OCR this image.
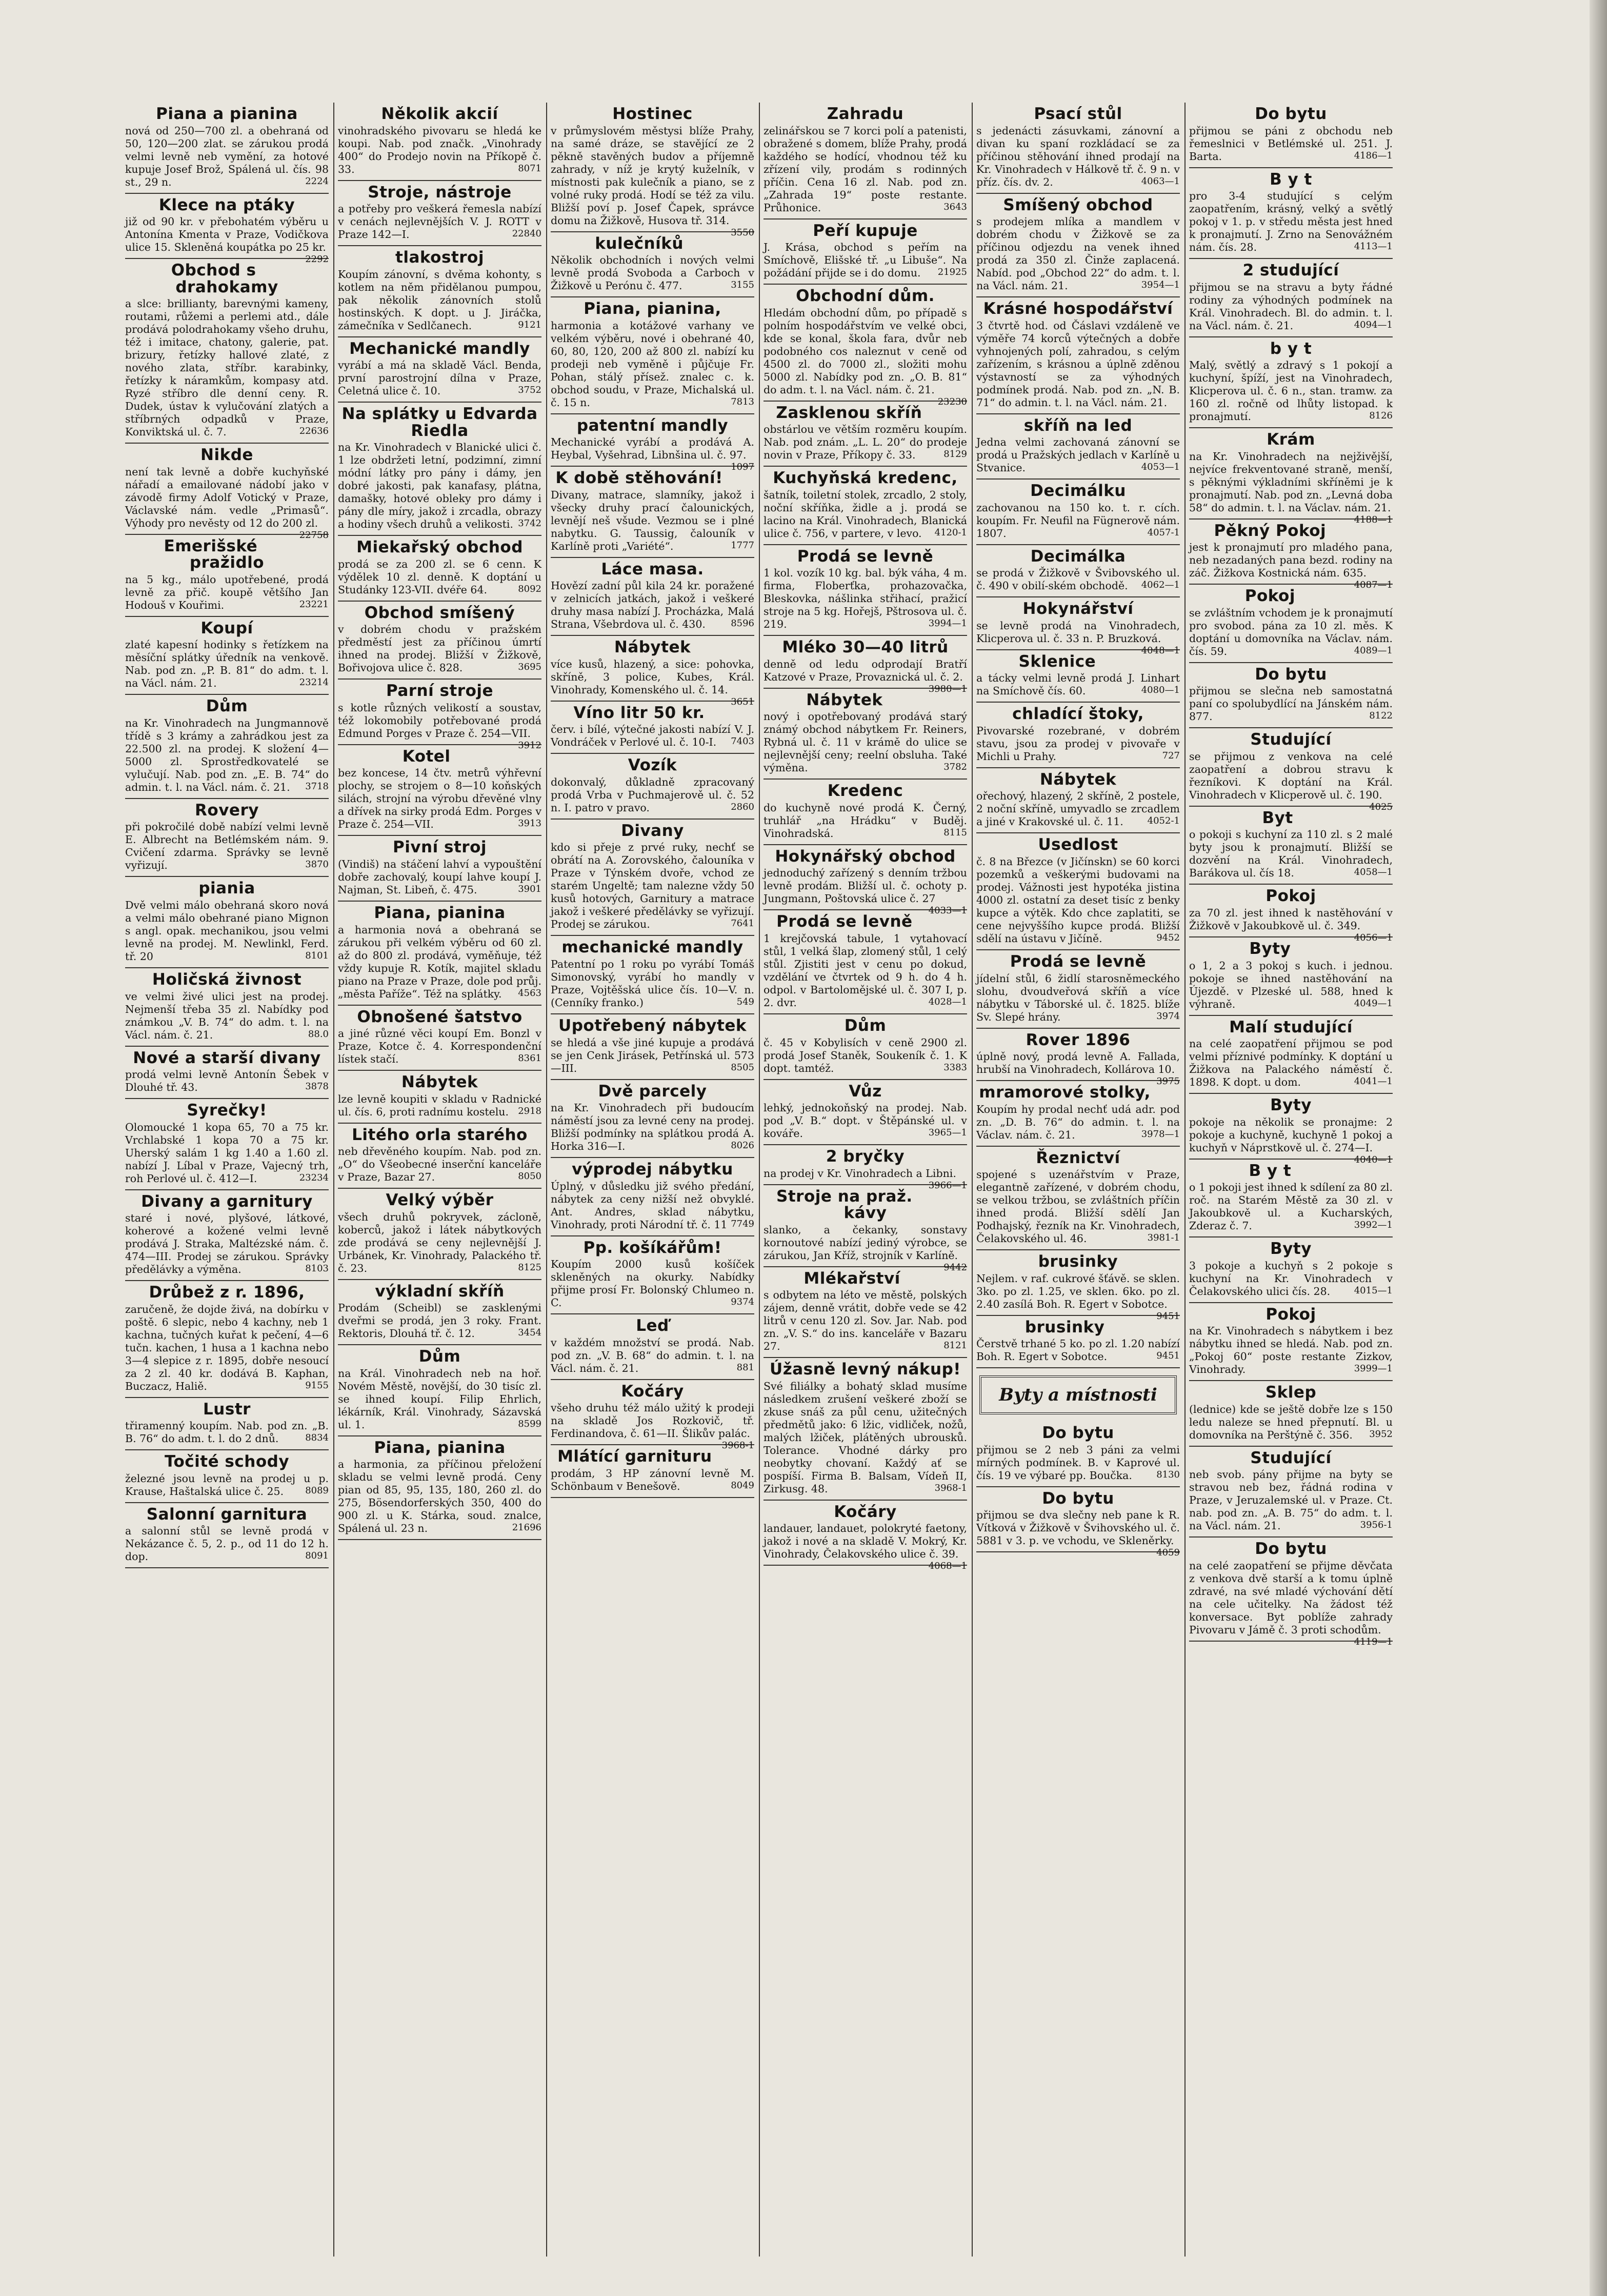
Piana a pianina

nová od 250—700 zl. a obehraná od 50, 120—200 zlat. se zárukou prodá velmi levně neb vymění, za hotové kupuje Josef Brož, Spálená ul. čís. 98 st., 29 n.	2224

Klece na ptáky

již od 90 kr. v přebohatém výběru u Antonína Kmenta v Praze, Vodičkova ulice 15. Skleněná koupátka po 25 kr.
2292

Obchod s drahokamy

a slce: brillianty, barevnými kameny, routami, růžemi a perlemi atd., dále prodává polodrahokamy všeho druhu, též i imitace, chatony, galerie, pat. brizury, řetízky hallové zlaté, z nového zlata, stříbr. karabinky, řetízky k náramkům, kompasy atd. Ryzé stříbro dle denní ceny. R. Dudek, ústav k vylučování zlatých a stříbrných odpadků v Praze, Konviktská ul. č. 7.	22636

Nikde

není tak levně a dobře kuchyňské nářadí a emailované nádobí jako v závodě firmy Adolf Votický v Praze, Václavské nám. vedle „Primasů“. Výhody pro nevěsty od 12 do 200 zl.
22758

Emerišské pražidlo

na 5 kg., málo upotřebené, prodá levně za přič. koupě většího Jan Hodouš v Kouřimi.	23221

Koupí

zlaté kapesní hodinky s řetízkem na měsíční splátky úředník na venkově. Nab. pod zn. „P. B. 81“ do adm. t. l. na Václ. nám. 21.	23214

Dům

na Kr. Vinohradech na Jungmannově třídě s 3 krámy a zahrádkou jest za 22.500 zl. na prodej. K složení 4—5000 zl. Sprostředkovatelé se vylučují. Nab. pod zn. „E. B. 74“ do admin. t. l. na Václ. nám. č. 21. 3718

Rovery

při pokročilé době nabízí velmi levně E. Albrecht na Betlémském nám. 9. Cvičení zdarma. Správky se levně vyřizují.	3870

piania

Dvě velmi málo obehraná skoro nová a velmi málo obehrané piano Mignon s angl. opak. mechanikou, jsou velmi levně na prodej. M. Newlinkl, Ferd. tř. 20	8101

Holičská živnost

ve velmi živé ulici jest na prodej. Nejmenší třeba 35 zl. Nabídky pod známkou „V. B. 74“ do adm. t. l. na Václ. nám. č. 21.	88.0

Nové a starší divany

prodá velmi levně Antonín Šebek v Dlouhé tř. 43.	3878

Syrečky!

Olomoucké 1 kopa 65, 70 a 75 kr. Vrchlabské 1 kopa 70 a 75 kr. Uherský salám 1 kg 1.40 a 1.60 zl. nabízí J. Líbal v Praze, Vajecný trh, roh Perlové ul. č. 412—I.	23234

Divany a garnitury

staré i nové, plyšové, látkové, koherové a kožené velmi levně prodává J. Straka, Maltézské nám. č. 474—III. Prodej se zárukou. Správky předělávky a výměna.	8103

Drůbež z r. 1896,

zaručeně, že dojde živá, na dobírku v poště. 6 slepic, nebo 4 kachny, neb 1 kachna, tučných kuřat k pečení, 4—6 tučn. kachen, 1 husa a 1 kachna nebo 3—4 slepice z r. 1895, dobře nesoucí za 2 zl. 40 kr. dodává B. Kaphan, Buczacz, Haliě.	9155

Lustr

třiramenný koupím. Nab. pod zn. „B. B. 76“ do adm. t. l. do 2 dnů.	8834

Točité schody

železné jsou levně na prodej u p. Krause, Haštalská ulice č. 25. 8089

Salonní garnitura

a salonní stůl se levně prodá v Nekázance č. 5, 2. p., od 11 do 12 h. dop.	8091

Několik akcií

vinohradského pivovaru se hledá ke koupi. Nab. pod značk. „Vinohrady 400“ do Prodejo novin na Příkopě č. 33.	8071

Stroje, nástroje

a potřeby pro veškerá řemesla nabízí v cenách nejlevnějších V. J. ROTT v Praze 142—I.	22840

tlakostroj

Koupím zánovní, s dvěma kohonty, s kotlem na něm přidělanou pumpou, pak několik zánovních stolů hostinských. K dopt. u J. Jiráčka, zámečníka v Sedlčanech.	9121

Mechanické mandly

vyrábí a má na skladě Václ. Benda, první parostrojní dílna v Praze, Celetná ulice č. 10.	3752

Na splátky u Edvarda Riedla

na Kr. Vinohradech v Blanické ulici č. 1 lze obdržeti letní, podzimní, zimní módní látky pro pány i dámy, jen dobré jakosti, pak kanafasy, plátna, damašky, hotové obleky pro dámy i pány dle míry, jakož i zrcadla, obrazy a hodiny všech druhů a velikosti. 3742

Miekařský obchod

prodá se za 200 zl. se 6 cenn. K výdělek 10 zl. denně. K doptání u Studánky 123-VII. dvéře 64.	8092

Obchod smíšený

v dobrém chodu v pražském předměstí jest za příčinou úmrtí ihned na prodej. Bližší v Žižkově, Bořivojova ulice č. 828.	3695

Parní stroje

s kotle různých velikostí a soustav, též lokomobily potřebované prodá Edmund Porges v Praze č. 254—VII.
3912

Kotel

bez koncese, 14 čtv. metrů výhřevní plochy, se strojem o 8—10 koňských silách, strojní na výrobu dřevěné vlny a dřívek na sirky prodá Edm. Porges v Praze č. 254—VII.	3913

Pivní stroj

(Vindiš) na stáčení lahví a vypouštění dobře zachovalý, koupí lahve koupí J. Najman, St. Libeň, č. 475.	3901

Piana, pianina

a harmonia nová a obehraná se zárukou při velkém výběru od 60 zl. až do 800 zl. prodává, vyměňuje, též vždy kupuje R. Kotík, majitel skladu piano na Praze v Praze, dole pod průj. „města Paříže“. Též na splátky. 4563

Obnošené šatstvo

a jiné různé věci koupí Em. Bonzl v Praze, Kotce č. 4. Korrespondenční lístek stačí.	8361

Nábytek

lze levně koupiti v skladu v Radnické ul. čís. 6, proti radnímu kostelu. 2918

Litého orla starého

neb dřevěného koupím. Nab. pod zn. „O“ do Všeobecné inserční kanceláře v Praze, Bazar 27.	8050

Velký výběr

všech druhů pokryvek, zácloně, koberců, jakož i látek nábytkových zde prodává se ceny nejlevnější J. Urbánek, Kr. Vinohrady, Palackého tř. č. 23.	8125

výkladní skříň

Prodám (Scheibl) se zasklenými dveřmi se prodá, jen 3 roky. Frant. Rektoris, Dlouhá tř. č. 12.	3454

Dům

na Král. Vinohradech neb na hoř. Novém Městě, novější, do 30 tisíc zl. se ihned koupí. Filip Ehrlich, lékárník, Král. Vinohrady, Sázavská ul. 1.	8599

Piana, pianina

a harmonia, za příčinou přeložení skladu se velmi levně prodá. Ceny pian od 85, 95, 135, 180, 260 zl. do 275, Bösendorferských 350, 400 do 900 zl. u K. Stárka, soud. znalce, Spálená ul. 23 n.	21696

Hostinec

v průmyslovém městysi blíže Prahy, na samé dráze, se stavějící ze 2 pěkně stavěných budov a příjemně zahrady, v níž je krytý kuželník, v místnosti pak kulečník a piano, se z volné ruky prodá. Hodí se též za vilu. Bližší poví p. Josef Čapek, správce domu na Žižkově, Husova tř. 314.
3550

kulečníků

Několik obchodních i nových velmi levně prodá Svoboda a Carboch v Žižkově u Perónu č. 477.	3155

Piana, pianina,

harmonia a kotážové varhany ve velkém výběru, nové i obehrané 40, 60, 80, 120, 200 až 800 zl. nabízí ku prodeji neb vyměně i půjčuje Fr. Pohan, stálý přísež. znalec c. k. obchod soudu, v Praze, Michalská ul. č. 15 n.	7813

patentní mandly

Mechanické vyrábí a prodává A. Heybal, Vyšehrad, Libnšina ul. č. 97.
1097

K době stěhování!

Divany, matrace, slamníky, jakož i všecky druhy prací čalounických, levnějí neš všude. Vezmou se i plné nabytku. G. Taussig, čalouník v Karlíně proti „Variété“.	1777

Láce masa.

Hovězí zadní půl kila 24 kr. poražené v zelnicích jatkách, jakož i veškeré druhy masa nabízí J. Procházka, Malá Strana, Všebrdova ul. č. 430.	8596

Nábytek

více kusů, hlazený, a sice: pohovka, skříně, 3 police, Kubes, Král. Vinohrady, Komenského ul. č. 14.
3651

Víno litr 50 kr.

červ. i bílé, výtečné jakosti nabízí V. J. Vondráček v Perlové ul. č. 10-I. 7403

Vozík

dokonvalý, důkladně zpracovaný prodá Vrba v Puchmajerově ul. č. 52 n. I. patro v pravo.	2860

Divany

kdo si přeje z prvé ruky, nechť se obrátí na A. Zorovského, čalouníka v Praze v Týnském dvoře, vchod ze starém Ungeltě; tam nalezne vždy 50 kusů hotových, Garnitury a matrace jakož i veškeré předělávky se vyřizují. Prodej se zárukou.	7641

mechanické mandly

Patentní po 1 roku po vyrábí Tomáš Simonovský, vyrábí ho mandly v Praze, Vojtěšská ulice čís. 10—V. n. (Cenníky franko.)	549

Upotřebený nábytek

se hledá a vše jiné kupuje a prodává se jen Cenk Jirásek, Petřínská ul. 573—III.	8505

Dvě parcely

na Kr. Vinohradech při budoucím náměstí jsou za levné ceny na prodej. Bližší podmínky na splátkou prodá A. Horka 316—I.	8026

výprodej nábytku

Úplný, v důsledku již svého předání, nábytek za ceny nižší než obvyklé. Ant. Andres, sklad nábytku, Vinohrady, proti Národní tř. č. 11 7749

Pp. košíkářům!

Koupím 2000 kusů košíček skleněných na okurky. Nabídky přijme prosí Fr. Bolonský Chlumeo n. C.	9374

Leď

v každém množství se prodá. Nab. pod zn. „V. B. 68“ do admin. t. l. na Václ. nám. č. 21.	881

Kočáry

všeho druhu též málo užitý k prodeji na skladě Jos Rozkovič, tř. Ferdinandova, č. 61—II. Šlikův palác.
3968-1

Mlátící garnituru

prodám, 3 HP zánovní levně M. Schönbaum v Benešově.	8049

Zahradu

zelinářskou se 7 korci polí a patenisti, obražené s domem, blíže Prahy, prodá každého se hodící, vhodnou též ku zřízení vily, prodám s rodinných příčin. Cena 16 zl. Nab. pod zn. „Zahrada 19“ poste restante. Průhonice.	3643

Peří kupuje

J. Krása, obchod s peřím na Smíchově, Elišské tř. „u Libuše“. Na požádání přijde se i do domu. 21925

Obchodní dům.

Hledám obchodní dům, po případě s polním hospodářstvím ve velké obci, kde se konal, škola fara, dvůr neb podobného cos naleznut v ceně od 4500 zl. do 7000 zl., složiti mohu 5000 zl. Nabídky pod zn. „O. B. 81“ do adm. t. l. na Václ. nám. č. 21.
23230

Zasklenou skříň

obstárlou ve větším rozměru koupím. Nab. pod znám. „L. L. 20“ do prodeje novin v Praze, Příkopy č. 33.	8129

Kuchyňská kredenc,

šatník, toiletní stolek, zrcadlo, 2 stoly, noční skříňka, židle a j. prodá se lacino na Král. Vinohradech, Blanická ulice č. 756, v partere, v levo. 4120-1

Prodá se levně

1 kol. vozík 10 kg. bal. býk váha, 4 m. firma, Floberťka, prohazovačka, Bleskovka, nášlinka střihací, pražicí stroje na 5 kg. Hořejš, Pštrosova ul. č. 219.	3994—1

Mléko 30—40 litrů

denně od ledu odprodají Bratří Katzové v Praze, Provaznická ul. č. 2.
3980—1

Nábytek

nový i opotřebovaný prodává starý známý obchod nábytkem Fr. Reiners, Rybná ul. č. 11 v krámě do ulice se nejlevnější ceny; reelní obsluha. Také výměna.	3782

Kredenc

do kuchyně nové prodá K. Černý, truhlář „na Hrádku“ v Buděj. Vinohradská.	8115

Hokynářský obchod

jednoduchý zařízený s denním tržbou levně prodám. Bližší ul. č. ochoty p. Jungmann, Poštovská ulice č. 27
4033—1

Prodá se levně

1 krejčovská tabule, 1 vytahovací stůl, 1 velká šlap, zlomený stůl, 1 celý stůl. Zjistiti jest v cenu po dokud, vzdělání ve čtvrtek od 9 h. do 4 h. odpol. v Bartolomějské ul. č. 307 I, p. 2. dvr.	4028—1

Dům

č. 45 v Kobylisích v ceně 2900 zl. prodá Josef Staněk, Soukeník č. 1. K dopt. tamtéž.	3383

Vůz

lehký, jednokoňský na prodej. Nab. pod „V. B.“ dopt. v Štěpánské ul. v kováře.	3965—1

2 bryčky

na prodej v Kr. Vinohradech a Libni.
3966—1

Stroje na praž. kávy

slanko, a čekanky, sonstavy kornoutové nabízí jediný výrobce, se zárukou, Jan Kříž, strojník v Karlíně.
9442

Mlékařství

s odbytem na léto ve městě, polských zájem, denně vrátit, dobře vede se 42 litrů v cenu 120 zl. Sov. Jar. Nab. pod zn. „V. S.“ do ins. kanceláře v Bazaru 27.	8121

Úžasně levný nákup!

Své filiálky a bohatý sklad musíme následkem zrušení veškeré zboží se zkuse snáš za půl cenu, užitečných předmětů jako: 6 lžic, vidliček, nožů, malých lžiček, plátěných ubrousků. Tolerance. Vhodné dárky pro neobytky chovaní. Každý ať se pospíší. Firma B. Balsam, Vídeň II, Zirkusg. 48.	3968-1

Kočáry

landauer, landauet, polokryté faetony, jakož i nové a na skladě V. Mokrý, Kr. Vinohrady, Čelakovského ulice č. 39.
4068—1

Psací stůl

s jedenácti zásuvkami, zánovní a divan ku spaní rozkládací se za příčinou stěhování ihned prodají na Kr. Vinohradech v Hálkově tř. č. 9 n. v příz. čís. dv. 2.	4063—1

Smíšený obchod

s prodejem mlíka a mandlem v dobrém chodu v Žižkově se za příčinou odjezdu na venek ihned prodá za 350 zl. Činže zaplacená. Nabíd. pod „Obchod 22“ do adm. t. l. na Václ. nám. 21.	3954—1

Krásné hospodářství

3 čtvrtě hod. od Čáslavi vzdáleně ve výměře 74 korců výtečných a dobře vyhnojených polí, zahradou, s celým zařízením, s krásnou a úplně zděnou výstavností se za výhodných podmínek prodá. Nab. pod zn. „N. B. 71“ do admin. t. l. na Václ. nám. 21.

skříň na led

Jedna velmi zachovaná zánovní se prodá u Pražských jedlach v Karlíně u Stvanice.	4053—1

Decimálku

zachovanou na 150 ko. t. r. cích. koupím. Fr. Neufil na Fügnerově nám. 1807.	4057-1

Decimálka

se prodá v Žižkově v Švibovského ul. č. 490 v obilí-ském obchodě. 4062—1

Hokynářství

se levně prodá na Vinohradech, Klicperova ul. č. 33 n. P. Bruzková.
4048—1

Sklenice

a tácky velmi levně prodá J. Linhart na Smíchově čís. 60.	4080—1

chladící štoky,

Pivovarské rozebrané, v dobrém stavu, jsou za prodej v pivovaře v Michli u Prahy.	727

Nábytek

ořechový, hlazený, 2 skříně, 2 postele, 2 noční skříně, umyvadlo se zrcadlem a jiné v Krakovské ul. č. 11.	4052-1

Usedlost

č. 8 na Březce (v Jičínskn) se 60 korci pozemků a veškerými budovami na prodej. Vážnosti jest hypotéka jistina 4000 zl. ostatní za deset tisíc z benky kupce a výtěk. Kdo chce zaplatiti, se cene nejvyššího kupce prodá. Bližší sdělí na ústavu v Jičíně.	9452

Prodá se levně

jídelní stůl, 6 židlí starosněmeckého slohu, dvoudveřová skříň a více nábytku v Táborské ul. č. 1825. blíže Sv. Slepé hrány.	3974

Rover 1896

úplně nový, prodá levně A. Fallada, hrubší na Vinohradech, Kollárova 10.
3975

mramorové stolky,

Koupím hy prodal nechť udá adr. pod zn. „D. B. 76“ do admin. t. l. na Václav. nám. č. 21.	3978—1

Řeznictví

spojené s uzenářstvím v Praze, elegantně zařízené, v dobrém chodu, se velkou tržbou, se zvláštních příčin ihned prodá. Bližší sdělí Jan Podhajský, řezník na Kr. Vinohradech, Čelakovského ul. 46.	3981-1

brusinky

Nejlem. v raf. cukrové šťávě. se sklen. 3ko. po zl. 1.25, ve sklen. 6ko. po zl. 2.40 zasílá Boh. R. Egert v Sobotce.
9451

brusinky

Čerstvě trhané 5 ko. po zl. 1.20 nabízí Boh. R. Egert v Sobotce.	9451

Byty a místnosti
Do bytu

přijmou se 2 neb 3 páni za velmi mírných podmínek. B. v Kaprové ul. čís. 19 ve výbaré pp. Boučka.	8130

Do bytu

přijmou se dva slečny neb pane k R. Vítková v Žižkově v Švihovského ul. č. 5881 v 3. p. ve vchodu, ve Skleněrky.
4059

Do bytu

přijmou se páni z obchodu neb řemeslnici v Betlémské ul. 251. J. Barta.	4186—1

B y t

pro 3-4 studující s celým zaopatřením, krásný, velký a světlý pokoj v 1. p. v středu města jest hned k pronajmutí. J. Zrno na Senovážném nám. čís. 28.	4113—1

2 studující

přijmou se na stravu a byty řádné rodiny za výhodných podmínek na Král. Vinohradech. Bl. do admin. t. l. na Václ. nám. č. 21.	4094—1

b y t

Malý, světlý a zdravý s 1 pokojí a kuchyní, špíží, jest na Vinohradech, Klicperova ul. č. 6 n., stan. tramw. za 160 zl. ročně od lhůty listopad. k pronajmutí.	8126

Krám

na Kr. Vinohradech na nejživější, nejvíce frekventované straně, menší, s pěknými výkladními skříněmi je k pronajmutí. Nab. pod zn. „Levná doba 58“ do admin. t. l. na Václav. nám. 21.
4188—1

Pěkný Pokoj

jest k pronajmutí pro mladého pana, neb nezadaných pana bezd. rodiny na záč. Žižkova Kostnická nám. 635.
4087—1

Pokoj

se zvláštním vchodem je k pronajmutí pro svobod. pána za 10 zl. měs. K doptání u domovníka na Václav. nám. čís. 59.	4089—1

Do bytu

přijmou se slečna neb samostatná paní co spolubydlící na Jánském nám. 877.	8122

Studující

se přijmou z venkova na celé zaopatření a dobrou stravu k řezníkovi. K doptání na Král. Vinohradech v Klicperově ul. č. 190.
4025

Byt

o pokoji s kuchyní za 110 zl. s 2 malé byty jsou k pronajmutí. Bližší se dozvění na Král. Vinohradech, Barákova ul. čís 18.	4058—1

Pokoj

za 70 zl. jest ihned k nastěhování v Žižkově v Jakoubkově ul. č. 349.
4056—1

Byty

o 1, 2 a 3 pokoj s kuch. i jednou. pokoje se ihned nastěhování na Újezdě. v Plzeské ul. 588, hned k výhraně.	4049—1

Malí studující

na celé zaopatření přijmou se pod velmi příznivé podmínky. K doptání u Žižkova na Palackého náměstí č. 1898. K dopt. u dom.	4041—1

Byty

pokoje na několik se pronajme: 2 pokoje a kuchyně, kuchyně 1 pokoj a kuchyň v Náprstkově ul. č. 274—I.
4040—1

B y t

o 1 pokoji jest ihned k sdílení za 80 zl. roč. na Starém Městě za 30 zl. v Jakoubkově ul. a Kucharských, Zderaz č. 7.	3992—1

Byty

3 pokoje a kuchyň s 2 pokoje s kuchyní na Kr. Vinohradech v Čelakovského ulici čís. 28.	4015—1

Pokoj

na Kr. Vinohradech s nábytkem i bez nábytku ihned se hledá. Nab. pod zn. „Pokoj 60“ poste restante Zizkov, Vinohrady.	3999—1

Sklep

(lednice) kde se ještě dobře lze s 150 ledu naleze se hned přepnutí. Bl. u domovníka na Perštýně č. 356. 3952

Studující

neb svob. pány přijme na byty se stravou neb bez, řádná rodina v Praze, v Jeruzalemské ul. v Praze. Ct. nab. pod zn. „A. B. 75“ do adm. t. l. na Václ. nám. 21.	3956-1

Do bytu

na celé zaopatření se přijme děvčata z venkova dvě starší a k tomu úplně zdravé, na své mladé výchování dětí na cele učitelky. Na žádost též konversace. Byt poblíže zahrady Pivovaru v Jámě č. 3 proti schodům.
4119—1
